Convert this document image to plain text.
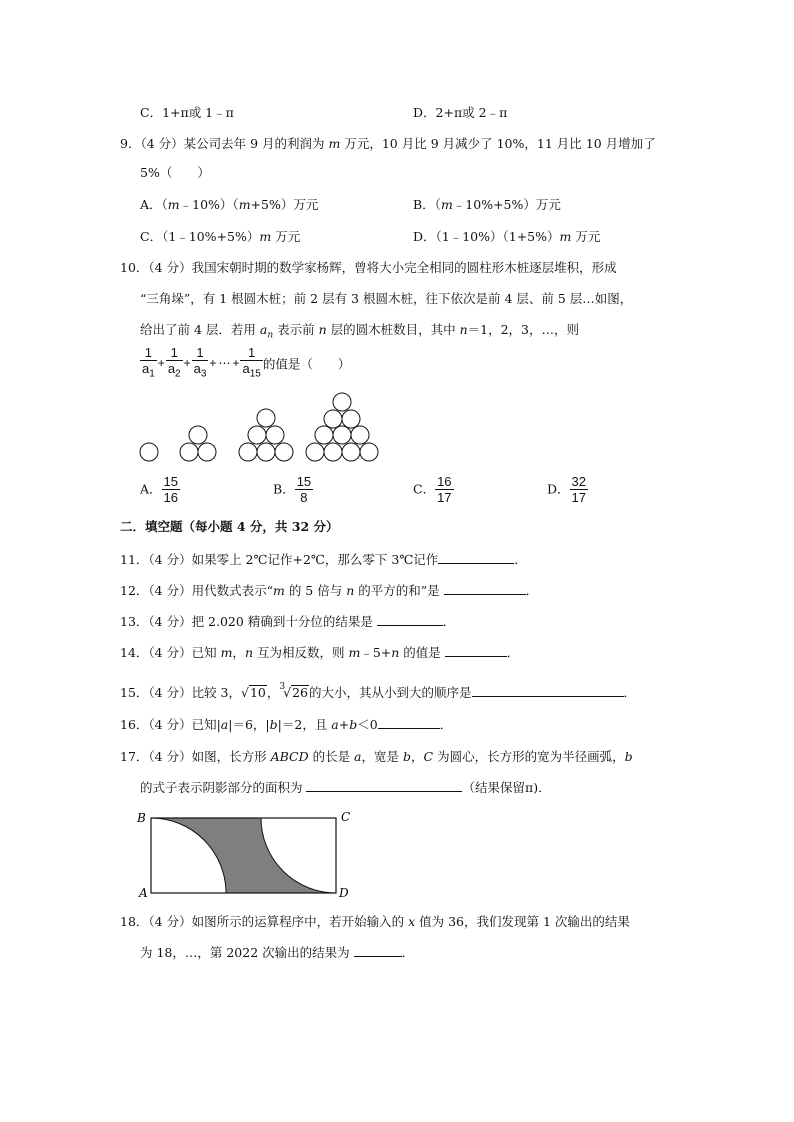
C．1+π或 1﹣π	D．2+π或 2﹣π
9．（4 分）某公司去年 9 月的利润为 m 万元，10 月比 9 月减少了 10%，11 月比 10 月增加了
5%（　　）
A．（m﹣10%）（m+5%）万元	B．（m﹣10%+5%）万元
C．（1﹣10%+5%）m 万元	D．（1﹣10%）（1+5%）m 万元
10．（4 分）我国宋朝时期的数学家杨辉，曾将大小完全相同的圆柱形木桩逐层堆积，形成
“三角垛”，有 1 根圆木桩；前 2 层有 3 根圆木桩，往下依次是前 4 层、前 5 层…如图，
给出了前 4 层．若用 $a_n$ 表示前 n 层的圆木桩数目，其中 n＝1，2，3，…，则
$\frac{1}{a_1} + \frac{1}{a_2} + \frac{1}{a_3}$ + ⋯ + $\frac{1}{a_{15}}$ 的值是（　　）
A． $\frac{15}{16}$	B． $\frac{15}{8}$	C． $\frac{16}{17}$	D． $\frac{32}{17}$
二．填空题（每小题 4 分，共 32 分）
11．（4 分）如果零上 2℃记作+2℃，那么零下 3℃记作	．
12．（4 分）用代数式表示“m 的 5 倍与 n 的平方的和”是	．
13．（4 分）把 2.020 精确到十分位的结果是	．
14．（4 分）已知 m，n 互为相反数，则 m﹣5+n 的值是	．
15．（4 分）比较 3，√10，$^3$√26的大小，其从小到大的顺序是	．
16．（4 分）已知|a|＝6，|b|＝2，且 a+b＜0	．
17．（4 分）如图，长方形 ABCD 的长是 a，宽是 b，C 为圆心，长方形的宽为半径画弧，b
的式子表示阴影部分的面积为	（结果保留π)．
B	C
A	D
18．（4 分）如图所示的运算程序中，若开始输入的 x 值为 36，我们发现第 1 次输出的结果
为 18，…，第 2022 次输出的结果为	．
